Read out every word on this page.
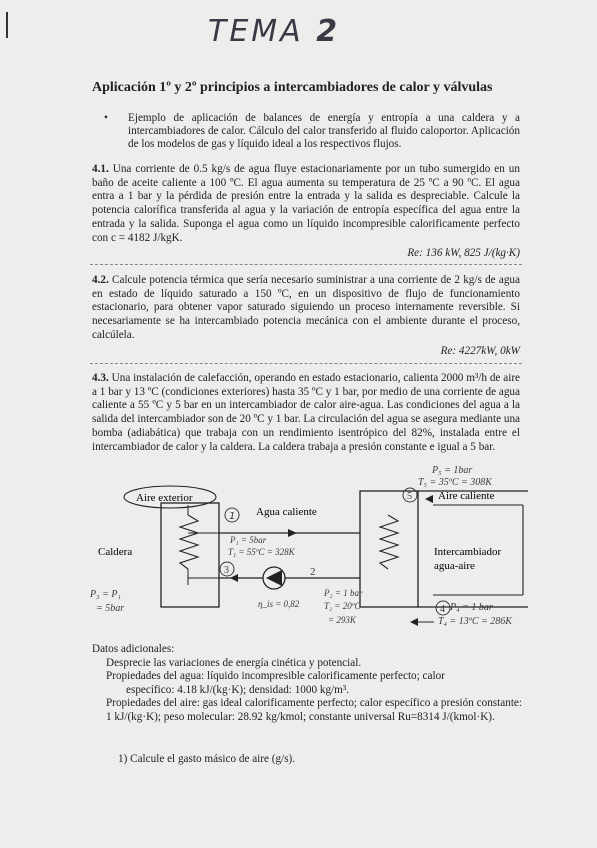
TEMA 2
Aplicación 1º y 2º principios a intercambiadores de calor y válvulas
• Ejemplo de aplicación de balances de energía y entropía a una caldera y a intercambiadores de calor. Cálculo del calor transferido al fluido caloportor. Aplicación de los modelos de gas y líquido ideal a los respectivos flujos.

4.1. Una corriente de 0.5 kg/s de agua fluye estacionariamente por un tubo sumergido en un baño de aceite caliente a 100 ºC. El agua aumenta su temperatura de 25 ºC a 90 ºC. El agua entra a 1 bar y la pérdida de presión entre la entrada y la salida es despreciable. Calcule la potencia calorífica transferida al agua y la variación de entropía específica del agua entre la entrada y la salida. Suponga el agua como un líquido incompresible calorificamente perfecto con c = 4182 J/kgK.

Re: 136 kW, 825 J/(kg·K)

4.2. Calcule potencia térmica que sería necesario suministrar a una corriente de 2 kg/s de agua en estado de líquido saturado a 150 ºC, en un dispositivo de flujo de funcionamiento estacionario, para obtener vapor saturado siguiendo un proceso internamente reversible. Si necesariamente se ha intercambiado potencia mecánica con el ambiente durante el proceso, calcúlela.

Re: 4227kW, 0kW

4.3. Una instalación de calefacción, operando en estado estacionario, calienta 2000 m³/h de aire a 1 bar y 13 ºC (condiciones exteriores) hasta 35 ºC y 1 bar, por medio de una corriente de agua caliente a 55 ºC y 5 bar en un intercambiador de calor aire-agua. Las condiciones del agua a la salida del intercambiador son de 20 ºC y 1 bar. La circulación del agua se asegura mediante una bomba (adiabática) que trabaja con un rendimiento isentrópico del 82%, instalada entre el intercambiador de calor y la caldera. La caldera trabaja a presión constante e igual a 5 bar.

Aire exterior
Agua caliente
Aire caliente
Caldera	Intercambiador
agua-aire
1
3	2
5
4
P₁ = 5bar
T₁ = 55ºC = 328K
P₃ = P₁
= 5bar	η_is = 0,82
P₂ = 1 bar
T₂ = 20ºC
= 293K
P₅ = 1bar
T₅ = 35ºC = 308K
P₄ = 1 bar
T₄ = 13ºC = 286K

Datos adicionales:

Desprecie las variaciones de energía cinética y potencial.

Propiedades del agua: líquido incompresible calorificamente perfecto; calor

específico: 4.18 kJ/(kg·K); densidad: 1000 kg/m³.

Propiedades del aire: gas ideal calorificamente perfecto; calor específico a presión constante: 1 kJ/(kg·K); peso molecular: 28.92 kg/kmol; constante universal Ru=8314 J/(kmol·K).

1) Calcule el gasto másico de aire (g/s).
